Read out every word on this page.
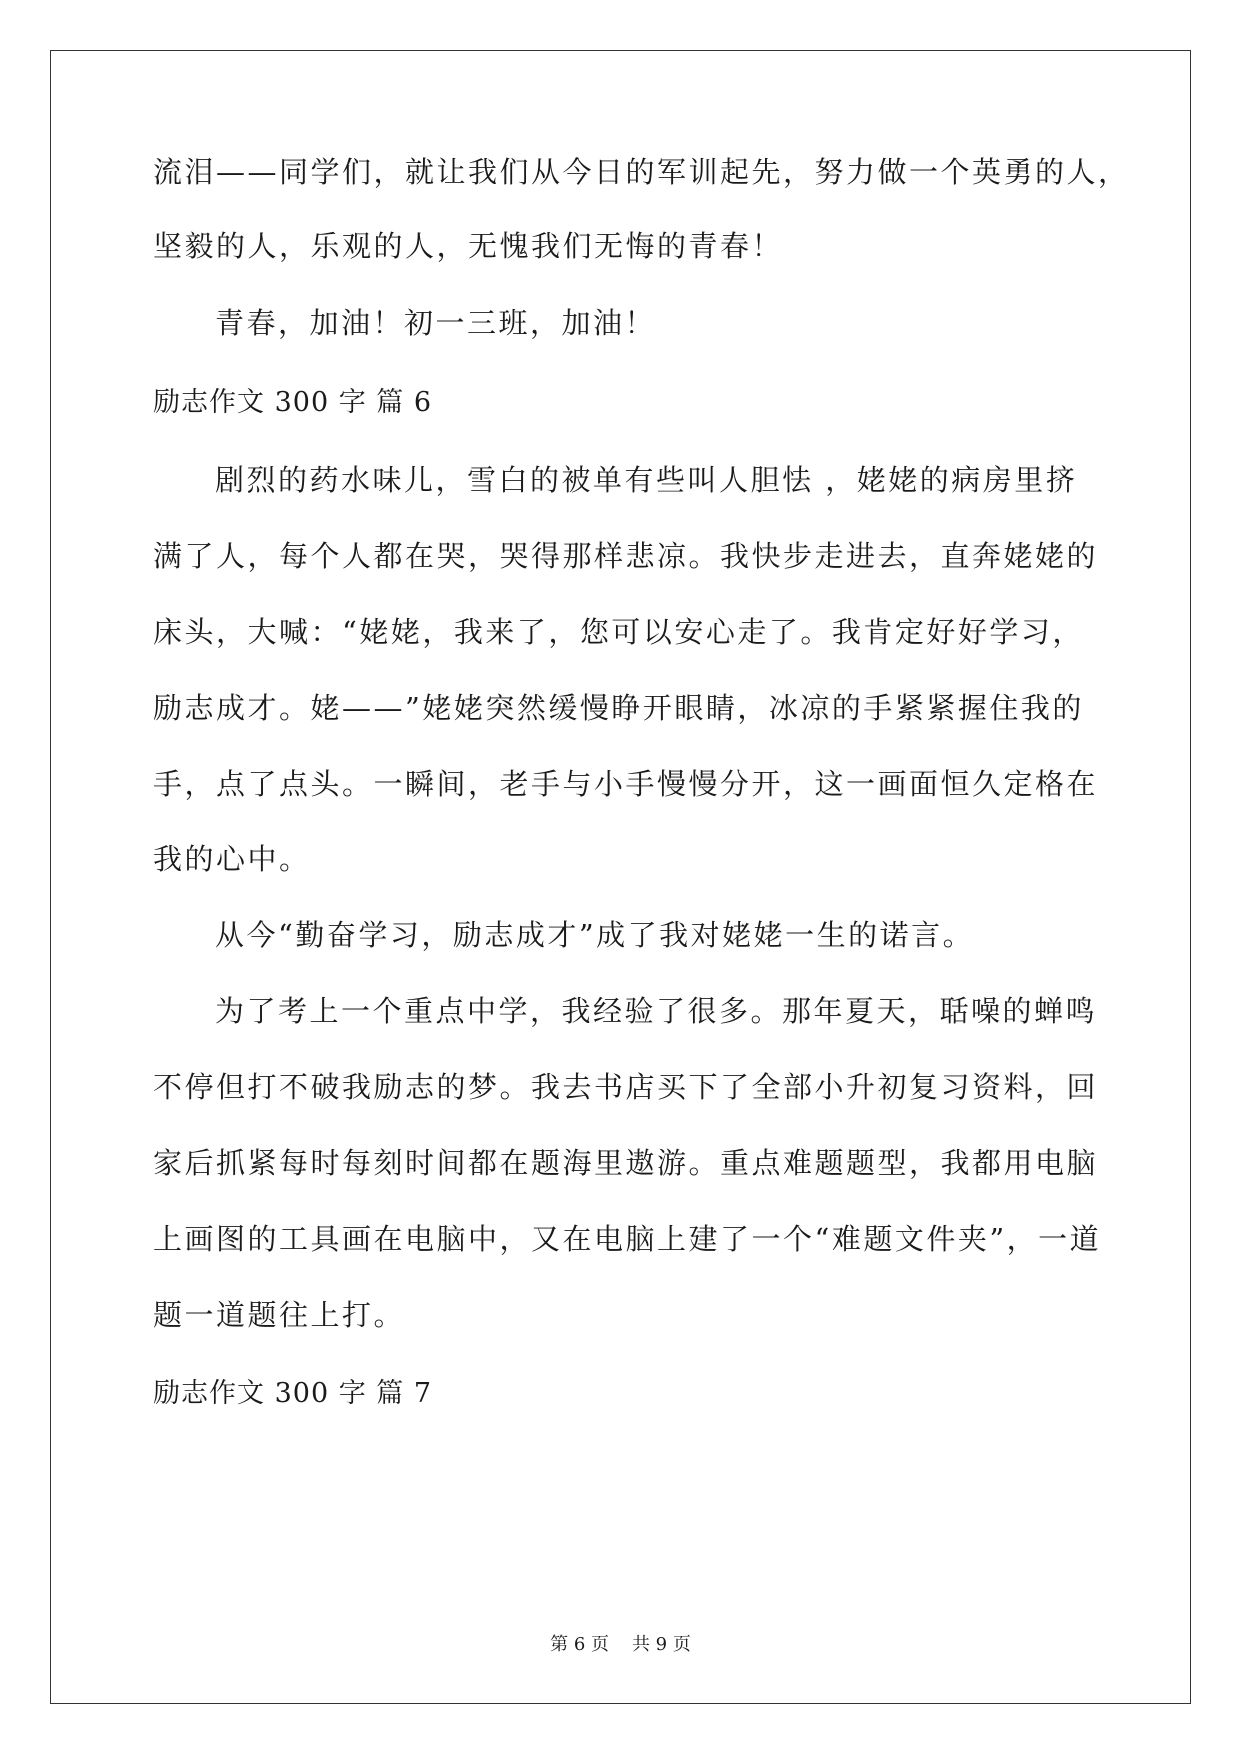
流泪——同学们，就让我们从今日的军训起先，努力做一个英勇的人，
坚毅的人，乐观的人，无愧我们无悔的青春！
青春，加油！初一三班，加油！
励志作文 300 字 篇 6
剧烈的药水味儿，雪白的被单有些叫人胆怯 ，姥姥的病房里挤
满了人，每个人都在哭，哭得那样悲凉。我快步走进去，直奔姥姥的
床头，大喊：“姥姥，我来了，您可以安心走了。我肯定好好学习，
励志成才。姥——”姥姥突然缓慢睁开眼睛，冰凉的手紧紧握住我的
手，点了点头。一瞬间，老手与小手慢慢分开，这一画面恒久定格在
我的心中。
从今“勤奋学习，励志成才”成了我对姥姥一生的诺言。
为了考上一个重点中学，我经验了很多。那年夏天，聒噪的蝉鸣
不停但打不破我励志的梦。我去书店买下了全部小升初复习资料，回
家后抓紧每时每刻时间都在题海里遨游。重点难题题型，我都用电脑
上画图的工具画在电脑中，又在电脑上建了一个“难题文件夹”，一道
题一道题往上打。
励志作文 300 字 篇 7
第 6 页    共 9 页
